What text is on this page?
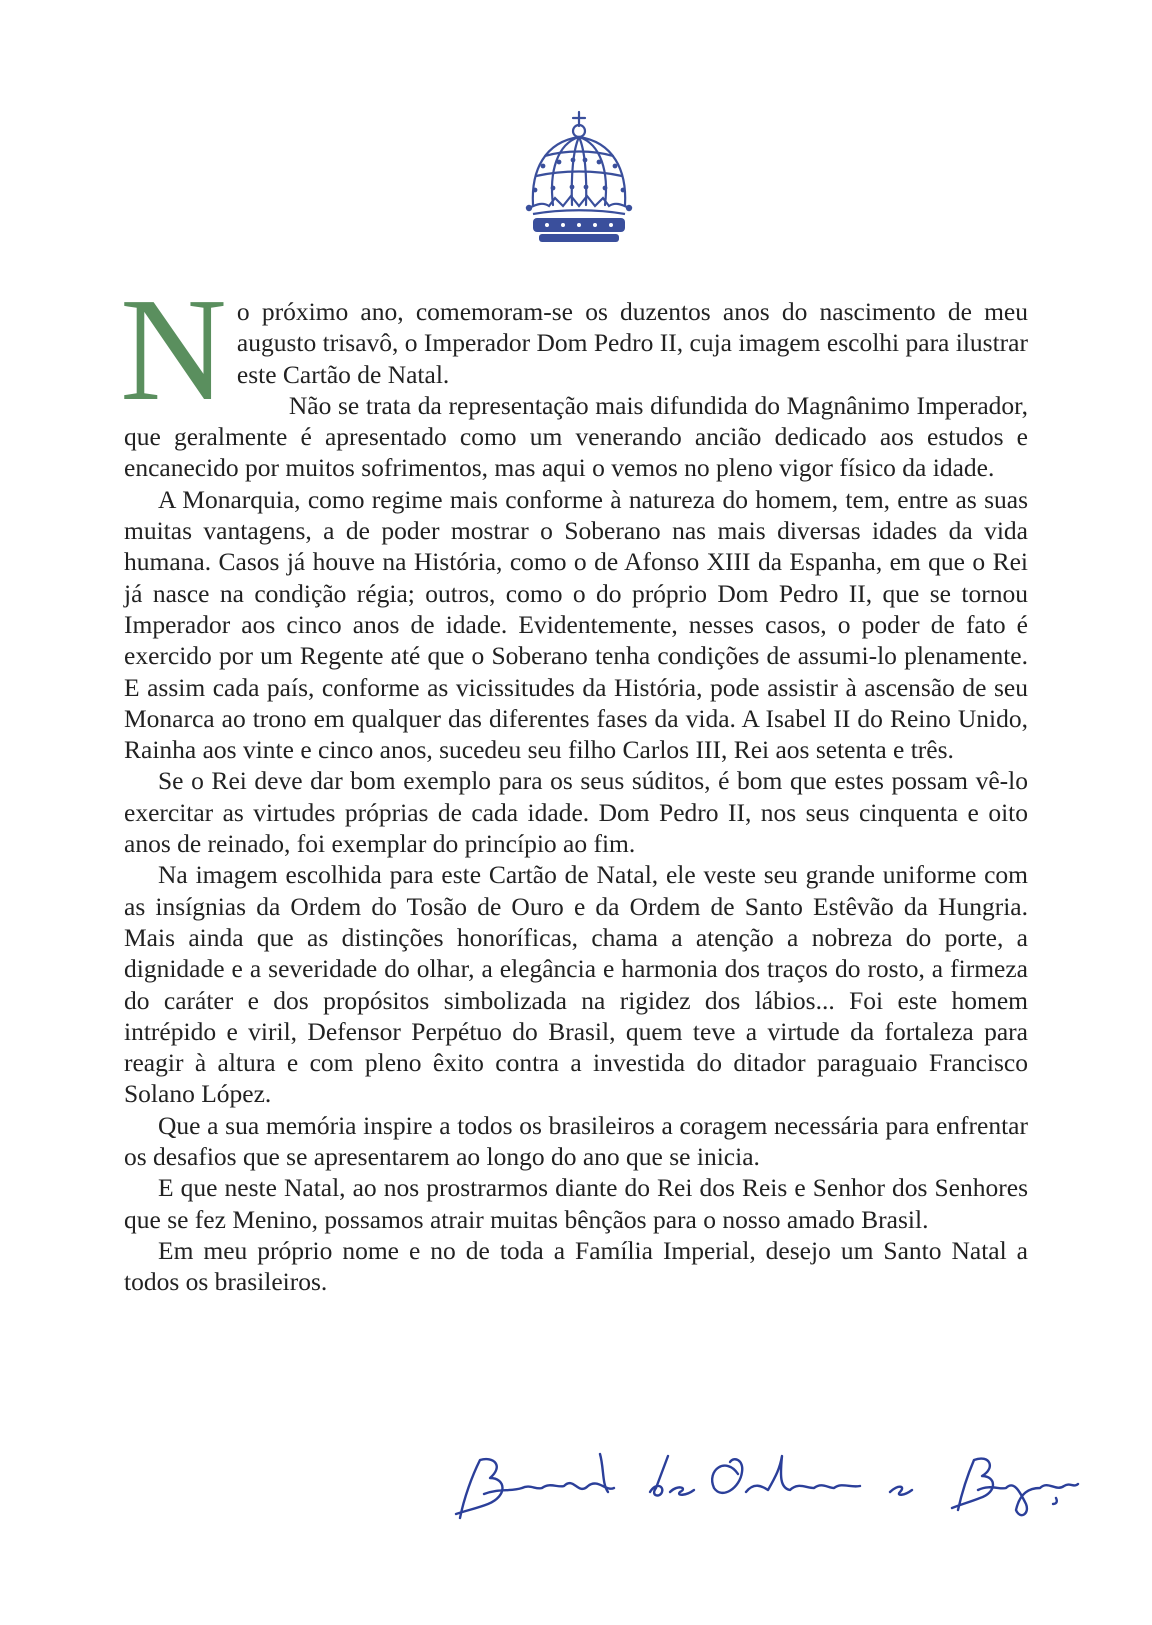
N o próximo ano, comemoram-se os duzentos anos do nascimento de meu augusto trisavô, o Imperador Dom Pedro II, cuja imagem escolhi para ilustrar este Cartão de Natal.

Não se trata da representação mais difundida do Magnânimo Imperador, que geralmente é apresentado como um venerando ancião dedicado aos estudos e encanecido por muitos sofrimentos, mas aqui o vemos no pleno vigor físico da idade.

A Monarquia, como regime mais conforme à natureza do homem, tem, entre as suas muitas vantagens, a de poder mostrar o Soberano nas mais diversas idades da vida humana. Casos já houve na História, como o de Afonso XIII da Espanha, em que o Rei já nasce na condição régia; outros, como o do próprio Dom Pedro II, que se tornou Imperador aos cinco anos de idade. Evidentemente, nesses casos, o poder de fato é exercido por um Regente até que o Soberano tenha condições de assumi-lo plenamente. E assim cada país, conforme as vicissitudes da História, pode assistir à ascensão de seu Monarca ao trono em qualquer das diferentes fases da vida. A Isabel II do Reino Unido, Rainha aos vinte e cinco anos, sucedeu seu filho Carlos III, Rei aos setenta e três.

Se o Rei deve dar bom exemplo para os seus súditos, é bom que estes possam vê-lo exercitar as virtudes próprias de cada idade. Dom Pedro II, nos seus cinquenta e oito anos de reinado, foi exemplar do princípio ao fim.

Na imagem escolhida para este Cartão de Natal, ele veste seu grande uniforme com as insígnias da Ordem do Tosão de Ouro e da Ordem de Santo Estêvão da Hungria. Mais ainda que as distinções honoríficas, chama a atenção a nobreza do porte, a dignidade e a severidade do olhar, a elegância e harmonia dos traços do rosto, a firmeza do caráter e dos propósitos simbolizada na rigidez dos lábios... Foi este homem intrépido e viril, Defensor Perpétuo do Brasil, quem teve a virtude da fortaleza para reagir à altura e com pleno êxito contra a investida do ditador paraguaio Francisco Solano López.

Que a sua memória inspire a todos os brasileiros a coragem necessária para enfrentar os desafios que se apresentarem ao longo do ano que se inicia.

E que neste Natal, ao nos prostrarmos diante do Rei dos Reis e Senhor dos Senhores que se fez Menino, possamos atrair muitas bênçãos para o nosso amado Brasil.

Em meu próprio nome e no de toda a Família Imperial, desejo um Santo Natal a todos os brasileiros.
